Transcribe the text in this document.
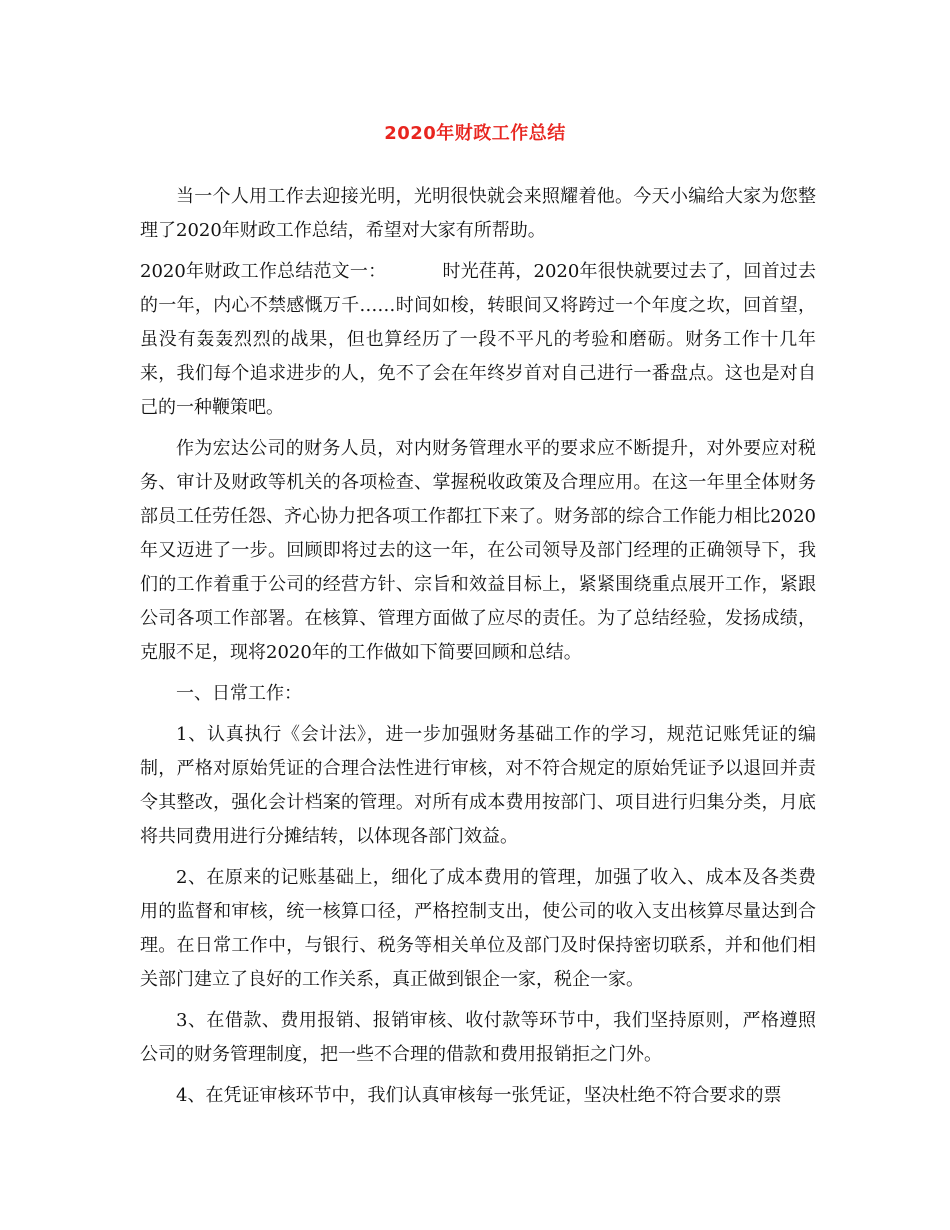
2020年财政工作总结

当一个人用工作去迎接光明，光明很快就会来照耀着他。今天小编给大家为您整理了2020年财政工作总结，希望对大家有所帮助。

2020年财政工作总结范文一：	时光荏苒，2020年很快就要过去了，回首过去的一年，内心不禁感慨万千……时间如梭，转眼间又将跨过一个年度之坎，回首望，虽没有轰轰烈烈的战果，但也算经历了一段不平凡的考验和磨砺。财务工作十几年来，我们每个追求进步的人，免不了会在年终岁首对自己进行一番盘点。这也是对自己的一种鞭策吧。

作为宏达公司的财务人员，对内财务管理水平的要求应不断提升，对外要应对税务、审计及财政等机关的各项检查、掌握税收政策及合理应用。在这一年里全体财务部员工任劳任怨、齐心协力把各项工作都扛下来了。财务部的综合工作能力相比2020年又迈进了一步。回顾即将过去的这一年，在公司领导及部门经理的正确领导下，我们的工作着重于公司的经营方针、宗旨和效益目标上，紧紧围绕重点展开工作，紧跟公司各项工作部署。在核算、管理方面做了应尽的责任。为了总结经验，发扬成绩，克服不足，现将2020年的工作做如下简要回顾和总结。

一、日常工作：

1、认真执行《会计法》，进一步加强财务基础工作的学习，规范记账凭证的编制，严格对原始凭证的合理合法性进行审核，对不符合规定的原始凭证予以退回并责令其整改，强化会计档案的管理。对所有成本费用按部门、项目进行归集分类，月底将共同费用进行分摊结转，以体现各部门效益。

2、在原来的记账基础上，细化了成本费用的管理，加强了收入、成本及各类费用的监督和审核，统一核算口径，严格控制支出，使公司的收入支出核算尽量达到合理。在日常工作中，与银行、税务等相关单位及部门及时保持密切联系，并和他们相关部门建立了良好的工作关系，真正做到银企一家，税企一家。

3、在借款、费用报销、报销审核、收付款等环节中，我们坚持原则，严格遵照公司的财务管理制度，把一些不合理的借款和费用报销拒之门外。

4、在凭证审核环节中，我们认真审核每一张凭证，坚决杜绝不符合要求的票
